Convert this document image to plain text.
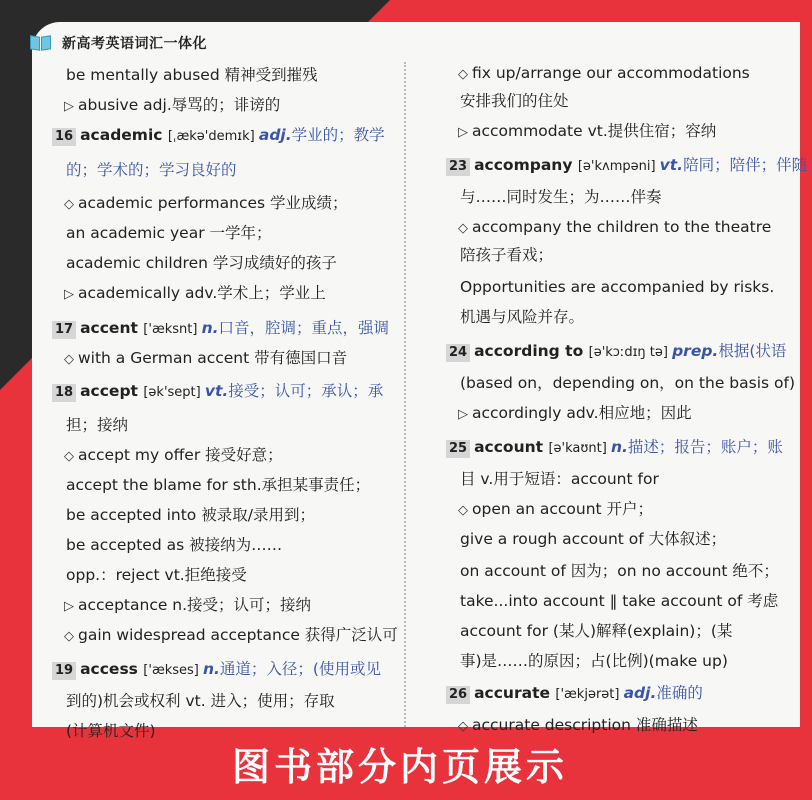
新高考英语词汇一体化
be mentally abused 精神受到摧残
▷ abusive adj.辱骂的；诽谤的
16 academic [ˌækə'demɪk] adj.学业的；教学
的；学术的；学习良好的
◇ academic performances 学业成绩；
an academic year 一学年；
academic children 学习成绩好的孩子
▷ academically adv.学术上；学业上
17 accent ['æksnt] n.口音，腔调；重点，强调
◇ with a German accent 带有德国口音
18 accept [ək'sept] vt.接受；认可；承认；承
担；接纳
◇ accept my offer 接受好意；
accept the blame for sth.承担某事责任；
be accepted into 被录取/录用到；
be accepted as 被接纳为……
opp.：reject vt.拒绝接受
▷ acceptance n.接受；认可；接纳
◇ gain widespread acceptance 获得广泛认可
19 access ['ækses] n.通道；入径；(使用或见
到的)机会或权利 vt. 进入；使用；存取
(计算机文件)
◇ fix up/arrange our accommodations
安排我们的住处
▷ accommodate vt.提供住宿；容纳
23 accompany [ə'kʌmpəni] vt.陪同；陪伴；伴随
与……同时发生；为……伴奏
◇ accompany the children to the theatre
陪孩子看戏；
Opportunities are accompanied by risks.
机遇与风险并存。
24 according to [ə'kɔːdɪŋ tə] prep.根据(状语
(based on，depending on，on the basis of)
▷ accordingly adv.相应地；因此
25 account [ə'kaʊnt] n.描述；报告；账户；账
目 v.用于短语：account for
◇ open an account 开户；
give a rough account of 大体叙述；
on account of 因为；on no account 绝不；
take...into account ‖ take account of 考虑
account for (某人)解释(explain)；(某
事)是……的原因；占(比例)(make up)
26 accurate ['ækjərət] adj.准确的
◇ accurate description 准确描述
图书部分内页展示
